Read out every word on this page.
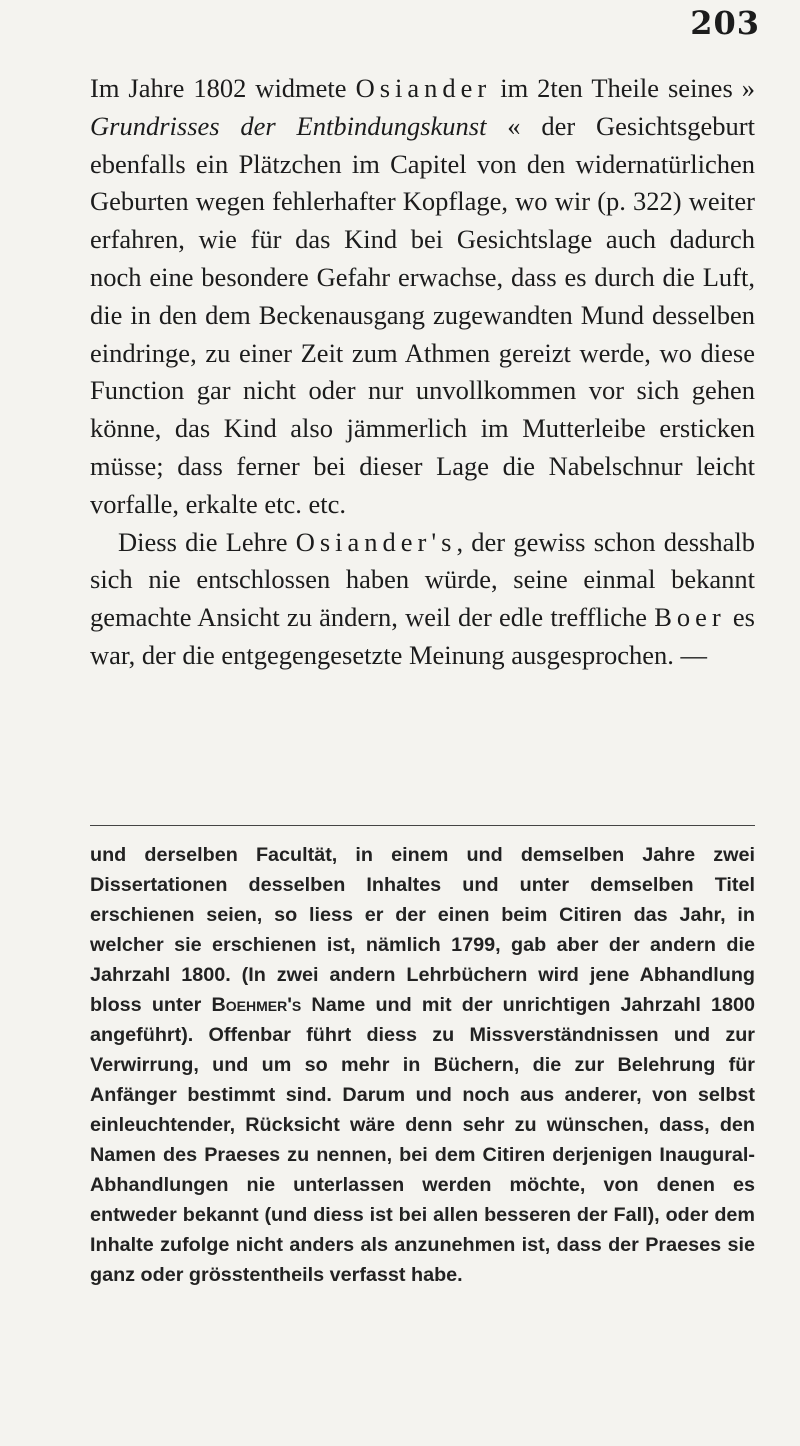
203

Im Jahre 1802 widmete Osiander im 2ten Theile seines » Grundrisses der Entbindungskunst « der Gesichtsgeburt ebenfalls ein Plätzchen im Capitel von den widernatürlichen Geburten wegen fehlerhafter Kopflage, wo wir (p. 322) weiter erfahren, wie für das Kind bei Gesichtslage auch dadurch noch eine besondere Gefahr erwachse, dass es durch die Luft, die in den dem Beckenausgang zugewandten Mund desselben eindringe, zu einer Zeit zum Athmen gereizt werde, wo diese Function gar nicht oder nur unvollkommen vor sich gehen könne, das Kind also jämmerlich im Mutterleibe ersticken müsse; dass ferner bei dieser Lage die Nabelschnur leicht vorfalle, erkalte etc. etc.

Diess die Lehre Osiander's, der gewiss schon desshalb sich nie entschlossen haben würde, seine einmal bekannt gemachte Ansicht zu ändern, weil der edle treffliche Boer es war, der die entgegengesetzte Meinung ausgesprochen. —

und derselben Facultät, in einem und demselben Jahre zwei Dissertationen desselben Inhaltes und unter demselben Titel erschienen seien, so liess er der einen beim Citiren das Jahr, in welcher sie erschienen ist, nämlich 1799, gab aber der andern die Jahrzahl 1800. (In zwei andern Lehrbüchern wird jene Abhandlung bloss unter Boehmer's Name und mit der unrichtigen Jahrzahl 1800 angeführt). Offenbar führt diess zu Missverständnissen und zur Verwirrung, und um so mehr in Büchern, die zur Belehrung für Anfänger bestimmt sind. Darum und noch aus anderer, von selbst einleuchtender, Rücksicht wäre denn sehr zu wünschen, dass, den Namen des Praeses zu nennen, bei dem Citiren derjenigen Inaugural-Abhandlungen nie unterlassen werden möchte, von denen es entweder bekannt (und diess ist bei allen besseren der Fall), oder dem Inhalte zufolge nicht anders als anzunehmen ist, dass der Praeses sie ganz oder grösstentheils verfasst habe.
